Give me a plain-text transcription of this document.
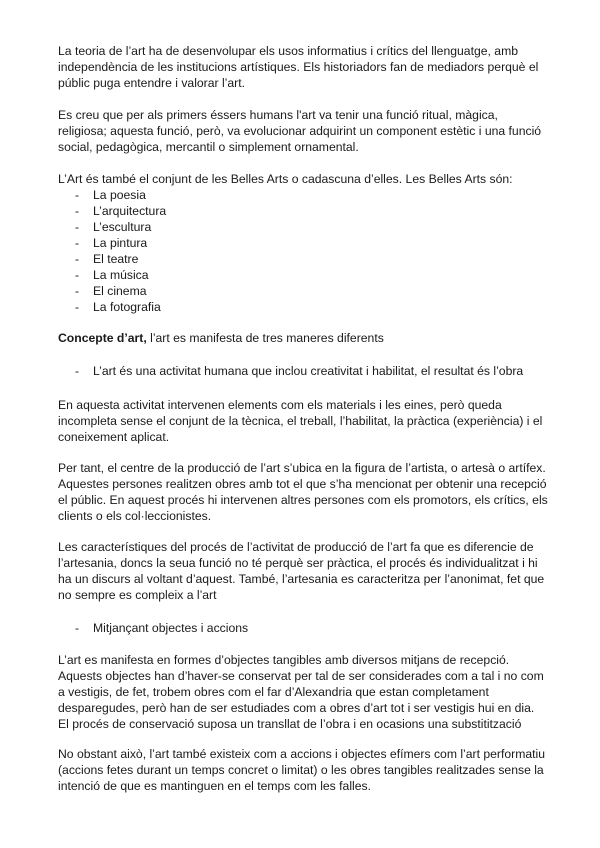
La teoria de l’art ha de desenvolupar els usos informatius i crítics del llenguatge, amb independència de les institucions artístiques. Els historiadors fan de mediadors perquè el públic puga entendre i valorar l’art.

Es creu que per als primers éssers humans l'art va tenir una funció ritual, màgica, religiosa; aquesta funció, però, va evolucionar adquirint un component estètic i una funció social, pedagògica, mercantil o simplement ornamental.

L’Art és també el conjunt de les Belles Arts o cadascuna d’elles. Les Belles Arts són:

- La poesia
- L’arquitectura
- L’escultura
- La pintura
- El teatre
- La música
- El cinema
- La fotografia

Concepte d’art, l’art es manifesta de tres maneres diferents

- L’art és una activitat humana que inclou creativitat i habilitat, el resultat és l’obra

En aquesta activitat intervenen elements com els materials i les eines, però queda incompleta sense el conjunt de la tècnica, el treball, l’habilitat, la pràctica (experiència) i el coneixement aplicat.

Per tant, el centre de la producció de l’art s’ubica en la figura de l’artista, o artesà o artífex. Aquestes persones realitzen obres amb tot el que s’ha mencionat per obtenir una recepció el públic. En aquest procés hi intervenen altres persones com els promotors, els crítics, els clients o els col·leccionistes.

Les característiques del procés de l’activitat de producció de l’art fa que es diferencie de l’artesania, doncs la seua funció no té perquè ser pràctica, el procés és individualitzat i hi ha un discurs al voltant d’aquest. També, l’artesania es caracteritza per l’anonimat, fet que no sempre es compleix a l’art

- Mitjançant objectes i accions

L’art es manifesta en formes d’objectes tangibles amb diversos mitjans de recepció. Aquests objectes han d’haver-se conservat per tal de ser considerades com a tal i no com a vestigis, de fet, trobem obres com el far d’Alexandria que estan completament desparegudes, però han de ser estudiades com a obres d’art tot i ser vestigis hui en dia. El procés de conservació suposa un transllat de l’obra i en ocasions una substitització

No obstant això, l’art també existeix com a accions i objectes efímers com l’art performatiu (accions fetes durant un temps concret o limitat) o les obres tangibles realitzades sense la intenció de que es mantinguen en el temps com les falles.
